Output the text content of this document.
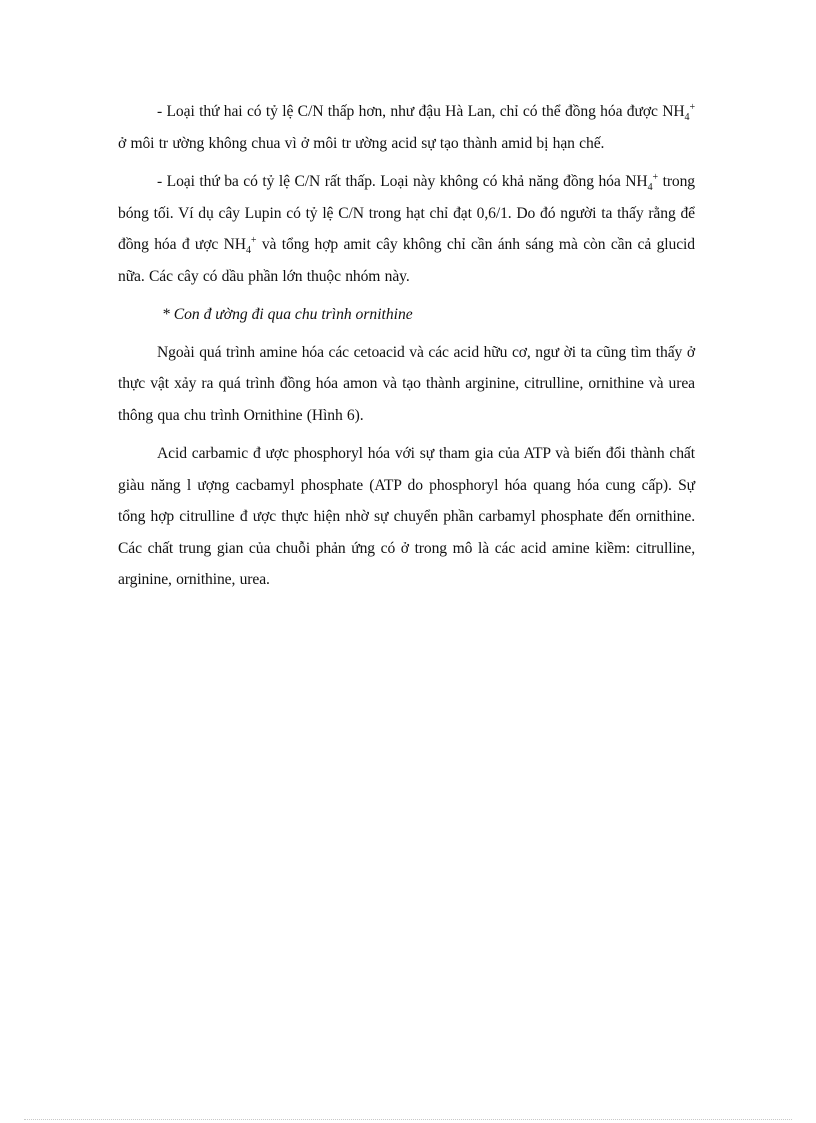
- Loại thứ hai có tỷ lệ C/N thấp hơn, như đậu Hà Lan, chỉ có thể đồng hóa được $NH_4^+$ ở môi tr ường không chua vì ở môi tr ường acid sự tạo thành amid bị hạn chế.

- Loại thứ ba có tỷ lệ C/N rất thấp. Loại này không có khả năng đồng hóa $NH_4^+$ trong bóng tối. Ví dụ cây Lupin có tỷ lệ C/N trong hạt chỉ đạt 0,6/1. Do đó người ta thấy rằng để đồng hóa đ ược $NH_4^+$ và tổng hợp amit cây không chỉ cần ánh sáng mà còn cần cả glucid nữa. Các cây có dầu phần lớn thuộc nhóm này.

* Con đ ường đi qua chu trình ornithine

Ngoài quá trình amine hóa các cetoacid và các acid hữu cơ, ngư ời ta cũng tìm thấy ở thực vật xảy ra quá trình đồng hóa amon và tạo thành arginine, citrulline, ornithine và urea thông qua chu trình Ornithine (Hình 6).

Acid carbamic đ ược phosphoryl hóa với sự tham gia của ATP và biến đổi thành chất giàu năng l ượng cacbamyl phosphate (ATP do phosphoryl hóa quang hóa cung cấp). Sự tổng hợp citrulline đ ược thực hiện nhờ sự chuyển phần carbamyl phosphate đến ornithine. Các chất trung gian của chuỗi phản ứng có ở trong mô là các acid amine kiềm: citrulline, arginine, ornithine, urea.
